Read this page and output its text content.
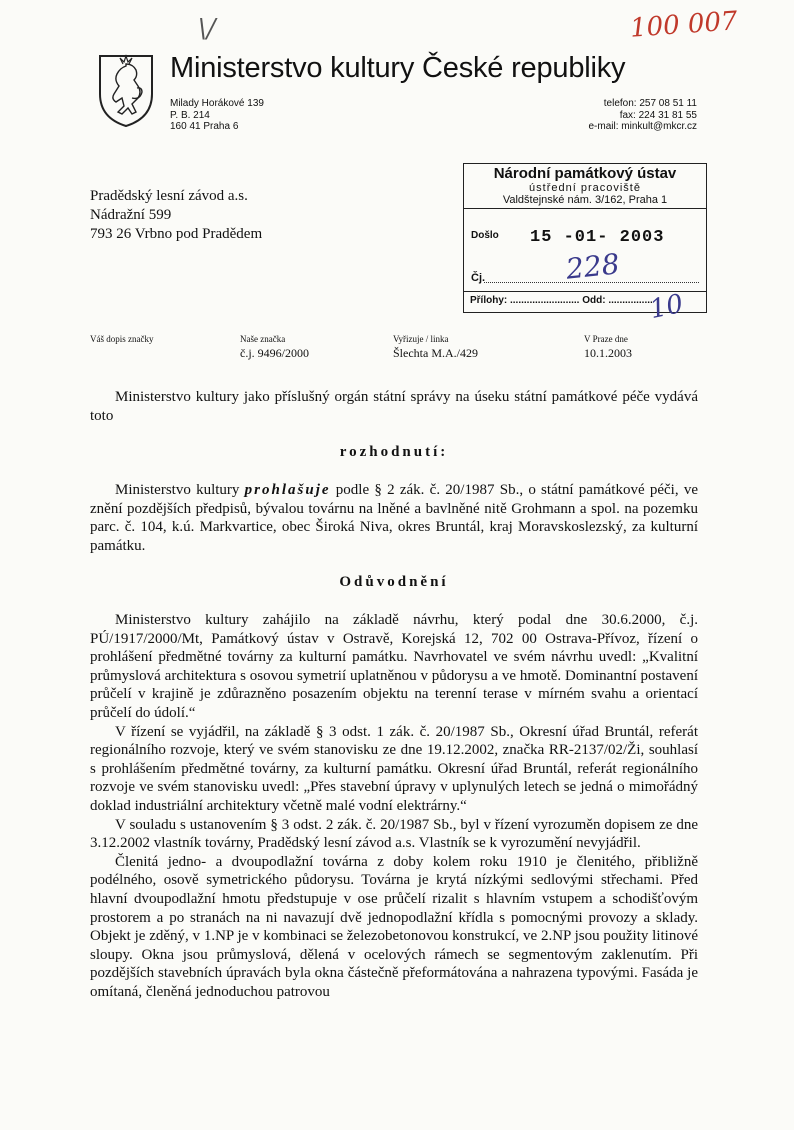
100 007
\/
Ministerstvo kultury České republiky
Milady Horákové 139
P. B. 214
160 41 Praha 6
telefon: 257 08 51 11
fax: 224 31 81 55
e-mail: minkult@mkcr.cz
Pradědský lesní závod a.s.
Nádražní 599
793 26 Vrbno pod Pradědem
Národní památkový ústav
ústřední pracoviště
Valdštejnské nám. 3/162, Praha 1
Došlo 15 -01- 2003
Čj.
Přílohy: ......................... Odd: ................
228
10
Váš dopis značky	Naše značka
č.j. 9496/2000
Vyřizuje / linka
Šlechta M.A./429
V Praze dne
10.1.2003
Ministerstvo kultury jako příslušný orgán státní správy na úseku státní památkové péče vydává toto
rozhodnutí:
Ministerstvo kultury prohlašuje podle § 2 zák. č. 20/1987 Sb., o státní památkové péči, ve znění pozdějších předpisů, bývalou továrnu na lněné a bavlněné nitě Grohmann a spol. na pozemku parc. č. 104, k.ú. Markvartice, obec Široká Niva, okres Bruntál, kraj Moravskoslezský, za kulturní památku.
Odůvodnění

Ministerstvo kultury zahájilo na základě návrhu, který podal dne 30.6.2000, č.j. PÚ/1917/2000/Mt, Památkový ústav v Ostravě, Korejská 12, 702 00 Ostrava-Přívoz, řízení o prohlášení předmětné továrny za kulturní památku. Navrhovatel ve svém návrhu uvedl: „Kvalitní průmyslová architektura s osovou symetrií uplatněnou v půdorysu a ve hmotě. Dominantní postavení průčelí v krajině je zdůrazněno posazením objektu na terenní terase v mírném svahu a orientací průčelí do údolí.“

V řízení se vyjádřil, na základě § 3 odst. 1 zák. č. 20/1987 Sb., Okresní úřad Bruntál, referát regionálního rozvoje, který ve svém stanovisku ze dne 19.12.2002, značka RR-2137/02/Ži, souhlasí s prohlášením předmětné továrny, za kulturní památku. Okresní úřad Bruntál, referát regionálního rozvoje ve svém stanovisku uvedl: „Přes stavební úpravy v uplynulých letech se jedná o mimořádný doklad industriální architektury včetně malé vodní elektrárny.“

V souladu s ustanovením § 3 odst. 2 zák. č. 20/1987 Sb., byl v řízení vyrozuměn dopisem ze dne 3.12.2002 vlastník továrny, Pradědský lesní závod a.s. Vlastník se k vyrozumění nevyjádřil.

Členitá jedno- a dvoupodlažní továrna z doby kolem roku 1910 je členitého, přibližně podélného, osově symetrického půdorysu. Továrna je krytá nízkými sedlovými střechami. Před hlavní dvoupodlažní hmotu předstupuje v ose průčelí rizalit s hlavním vstupem a schodišťovým prostorem a po stranách na ni navazují dvě jednopodlažní křídla s pomocnými provozy a sklady. Objekt je zděný, v 1.NP je v kombinaci se železobetonovou konstrukcí, ve 2.NP jsou použity litinové sloupy. Okna jsou průmyslová, dělená v ocelových rámech se segmentovým zaklenutím. Při pozdějších stavebních úpravách byla okna částečně přeformátována a nahrazena typovými. Fasáda je omítaná, členěná jednoduchou patrovou
